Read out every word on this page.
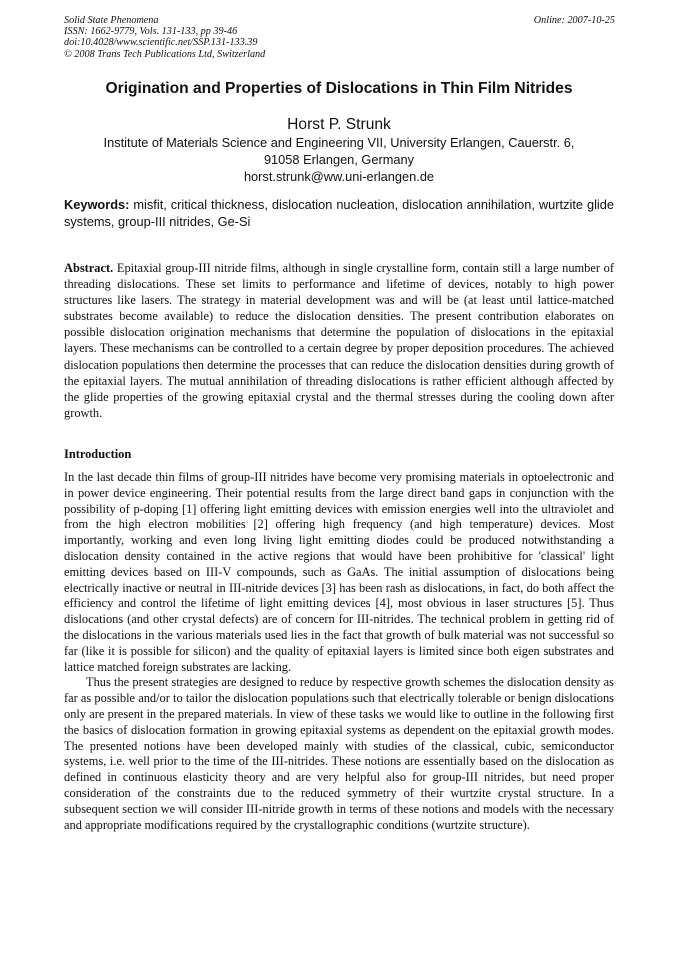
Solid State Phenomena
ISSN: 1662-9779, Vols. 131-133, pp 39-46
doi:10.4028/www.scientific.net/SSP.131-133.39
© 2008 Trans Tech Publications Ltd, Switzerland
Online: 2007-10-25
Origination and Properties of Dislocations in Thin Film Nitrides
Horst P. Strunk
Institute of Materials Science and Engineering VII, University Erlangen, Cauerstr. 6,
91058 Erlangen, Germany
horst.strunk@ww.uni-erlangen.de
Keywords: misfit, critical thickness, dislocation nucleation, dislocation annihilation, wurtzite glide systems, group-III nitrides, Ge-Si
Abstract. Epitaxial group-III nitride films, although in single crystalline form, contain still a large number of threading dislocations. These set limits to performance and lifetime of devices, notably to high power structures like lasers. The strategy in material development was and will be (at least until lattice-matched substrates become available) to reduce the dislocation densities. The present contribution elaborates on possible dislocation origination mechanisms that determine the population of dislocations in the epitaxial layers. These mechanisms can be controlled to a certain degree by proper deposition procedures. The achieved dislocation populations then determine the processes that can reduce the dislocation densities during growth of the epitaxial layers. The mutual annihilation of threading dislocations is rather efficient although affected by the glide properties of the growing epitaxial crystal and the thermal stresses during the cooling down after growth.
Introduction

In the last decade thin films of group-III nitrides have become very promising materials in optoelectronic and in power device engineering. Their potential results from the large direct band gaps in conjunction with the possibility of p-doping [1] offering light emitting devices with emission energies well into the ultraviolet and from the high electron mobilities [2] offering high frequency (and high temperature) devices. Most importantly, working and even long living light emitting diodes could be produced notwithstanding a dislocation density contained in the active regions that would have been prohibitive for 'classical' light emitting devices based on III-V compounds, such as GaAs. The initial assumption of dislocations being electrically inactive or neutral in III-nitride devices [3] has been rash as dislocations, in fact, do both affect the efficiency and control the lifetime of light emitting devices [4], most obvious in laser structures [5]. Thus dislocations (and other crystal defects) are of concern for III-nitrides. The technical problem in getting rid of the dislocations in the various materials used lies in the fact that growth of bulk material was not successful so far (like it is possible for silicon) and the quality of epitaxial layers is limited since both eigen substrates and lattice matched foreign substrates are lacking.

Thus the present strategies are designed to reduce by respective growth schemes the dislocation density as far as possible and/or to tailor the dislocation populations such that electrically tolerable or benign dislocations only are present in the prepared materials. In view of these tasks we would like to outline in the following first the basics of dislocation formation in growing epitaxial systems as dependent on the epitaxial growth modes. The presented notions have been developed mainly with studies of the classical, cubic, semiconductor systems, i.e. well prior to the time of the III-nitrides. These notions are essentially based on the dislocation as defined in continuous elasticity theory and are very helpful also for group-III nitrides, but need proper consideration of the constraints due to the reduced symmetry of their wurtzite crystal structure. In a subsequent section we will consider III-nitride growth in terms of these notions and models with the necessary and appropriate modifications required by the crystallographic conditions (wurtzite structure).
